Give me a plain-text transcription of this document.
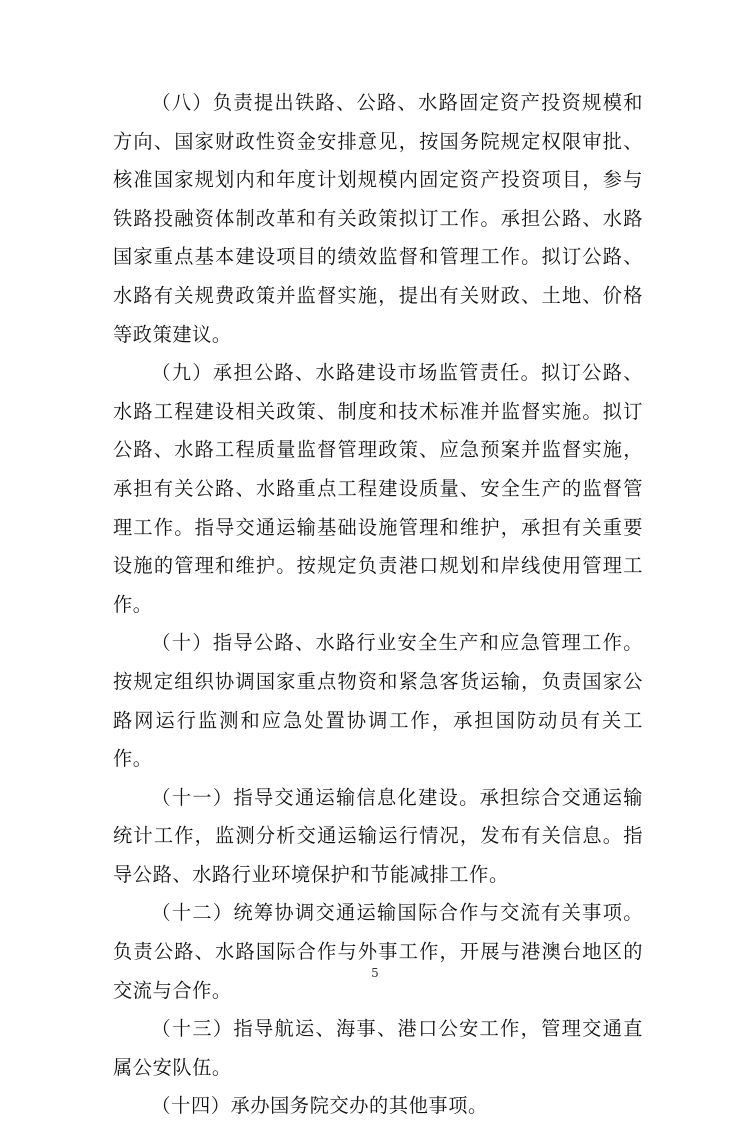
（八）负责提出铁路、公路、水路固定资产投资规模和方向、国家财政性资金安排意见，按国务院规定权限审批、核准国家规划内和年度计划规模内固定资产投资项目，参与铁路投融资体制改革和有关政策拟订工作。承担公路、水路国家重点基本建设项目的绩效监督和管理工作。拟订公路、水路有关规费政策并监督实施，提出有关财政、土地、价格等政策建议。

（九）承担公路、水路建设市场监管责任。拟订公路、水路工程建设相关政策、制度和技术标准并监督实施。拟订公路、水路工程质量监督管理政策、应急预案并监督实施，承担有关公路、水路重点工程建设质量、安全生产的监督管理工作。指导交通运输基础设施管理和维护，承担有关重要设施的管理和维护。按规定负责港口规划和岸线使用管理工作。

（十）指导公路、水路行业安全生产和应急管理工作。按规定组织协调国家重点物资和紧急客货运输，负责国家公路网运行监测和应急处置协调工作，承担国防动员有关工作。

（十一）指导交通运输信息化建设。承担综合交通运输统计工作，监测分析交通运输运行情况，发布有关信息。指导公路、水路行业环境保护和节能减排工作。

（十二）统筹协调交通运输国际合作与交流有关事项。负责公路、水路国际合作与外事工作，开展与港澳台地区的交流与合作。

（十三）指导航运、海事、港口公安工作，管理交通直属公安队伍。

（十四）承办国务院交办的其他事项。

5
